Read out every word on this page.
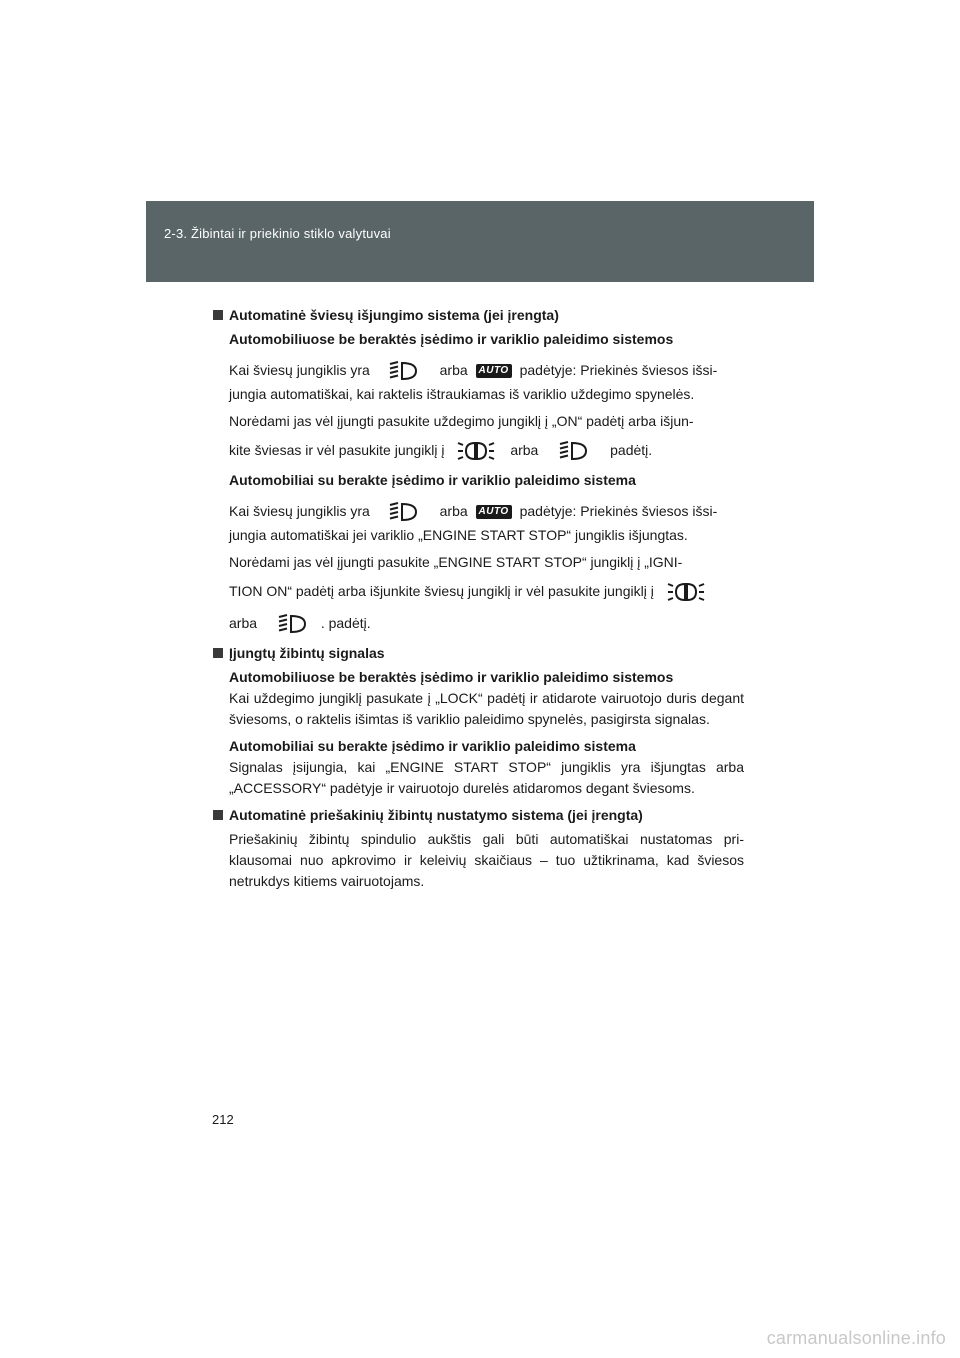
2-3. Žibintai ir priekinio stiklo valytuvai
Automatinė šviesų išjungimo sistema (jei įrengta)
Automobiliuose be beraktės įsėdimo ir variklio paleidimo sistemos
Kai šviesų jungiklis yra	arba AUTO padėtyje: Priekinės šviesos išsi-
jungia automatiškai, kai raktelis ištraukiamas iš variklio uždegimo spynelės.
Norėdami jas vėl įjungti pasukite uždegimo jungiklį į „ON“ padėtį arba išjun-
kite šviesas ir vėl pasukite jungiklį į	arba	padėtį.
Automobiliai su berakte įsėdimo ir variklio paleidimo sistema
Kai šviesų jungiklis yra	arba AUTO padėtyje: Priekinės šviesos išsi-
jungia automatiškai jei variklio „ENGINE START STOP“ jungiklis išjungtas.
Norėdami jas vėl įjungti pasukite „ENGINE START STOP“ jungiklį į „IGNI-
TION ON“ padėtį arba išjunkite šviesų jungiklį ir vėl pasukite jungiklį į
arba	. padėtį.
Įjungtų žibintų signalas
Automobiliuose be beraktės įsėdimo ir variklio paleidimo sistemos
Kai uždegimo jungiklį pasukate į „LOCK“ padėtį ir atidarote vairuotojo duris degant šviesoms, o raktelis išimtas iš variklio paleidimo spynelės, pasigirsta signalas.
Automobiliai su berakte įsėdimo ir variklio paleidimo sistema
Signalas įsijungia, kai „ENGINE START STOP“ jungiklis yra išjungtas arba „ACCESSORY“ padėtyje ir vairuotojo durelės atidaromos degant šviesoms.
Automatinė priešakinių žibintų nustatymo sistema (jei įrengta)
Priešakinių žibintų spindulio aukštis gali būti automatiškai nustatomas pri- klausomai nuo apkrovimo ir keleivių skaičiaus – tuo užtikrinama, kad šviesos netrukdys kitiems vairuotojams.
212
carmanualsonline.info
